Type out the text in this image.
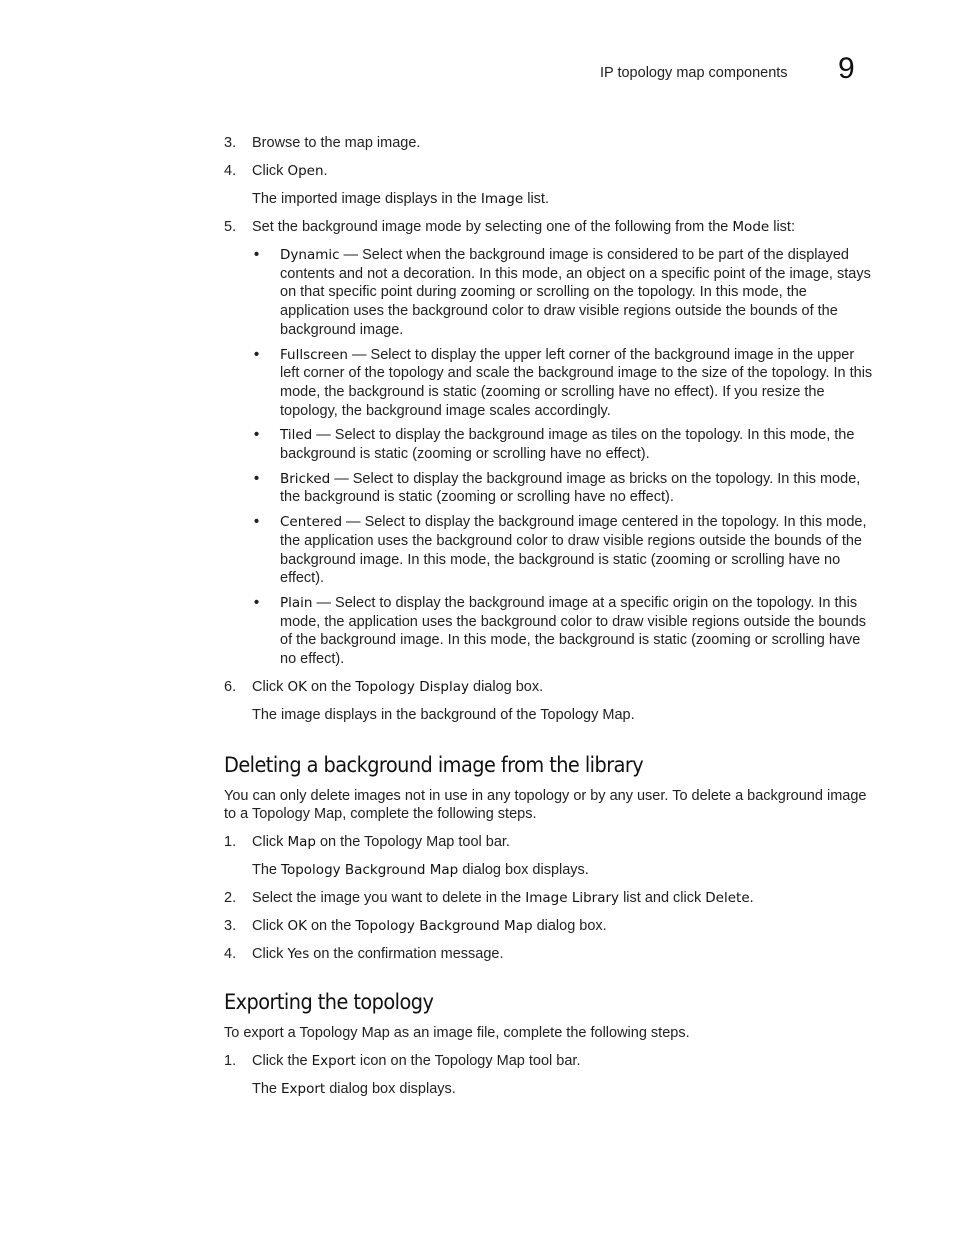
IP topology map components 9
3. Browse to the map image.
4. Click Open.
The imported image displays in the Image list.
5. Set the background image mode by selecting one of the following from the Mode list:
• Dynamic — Select when the background image is considered to be part of the displayed contents and not a decoration. In this mode, an object on a specific point of the image, stays on that specific point during zooming or scrolling on the topology. In this mode, the application uses the background color to draw visible regions outside the bounds of the background image.
• Fullscreen — Select to display the upper left corner of the background image in the upper left corner of the topology and scale the background image to the size of the topology. In this mode, the background is static (zooming or scrolling have no effect). If you resize the topology, the background image scales accordingly.
• Tiled — Select to display the background image as tiles on the topology. In this mode, the background is static (zooming or scrolling have no effect).
• Bricked — Select to display the background image as bricks on the topology. In this mode, the background is static (zooming or scrolling have no effect).
• Centered — Select to display the background image centered in the topology. In this mode, the application uses the background color to draw visible regions outside the bounds of the background image. In this mode, the background is static (zooming or scrolling have no effect).
• Plain — Select to display the background image at a specific origin on the topology. In this mode, the application uses the background color to draw visible regions outside the bounds of the background image. In this mode, the background is static (zooming or scrolling have no effect).
6. Click OK on the Topology Display dialog box.
The image displays in the background of the Topology Map.
Deleting a background image from the library

You can only delete images not in use in any topology or by any user. To delete a background image to a Topology Map, complete the following steps.

1. Click Map on the Topology Map tool bar.
The Topology Background Map dialog box displays.
2. Select the image you want to delete in the Image Library list and click Delete.
3. Click OK on the Topology Background Map dialog box.
4. Click Yes on the confirmation message.
Exporting the topology

To export a Topology Map as an image file, complete the following steps.

1. Click the Export icon on the Topology Map tool bar.
The Export dialog box displays.
